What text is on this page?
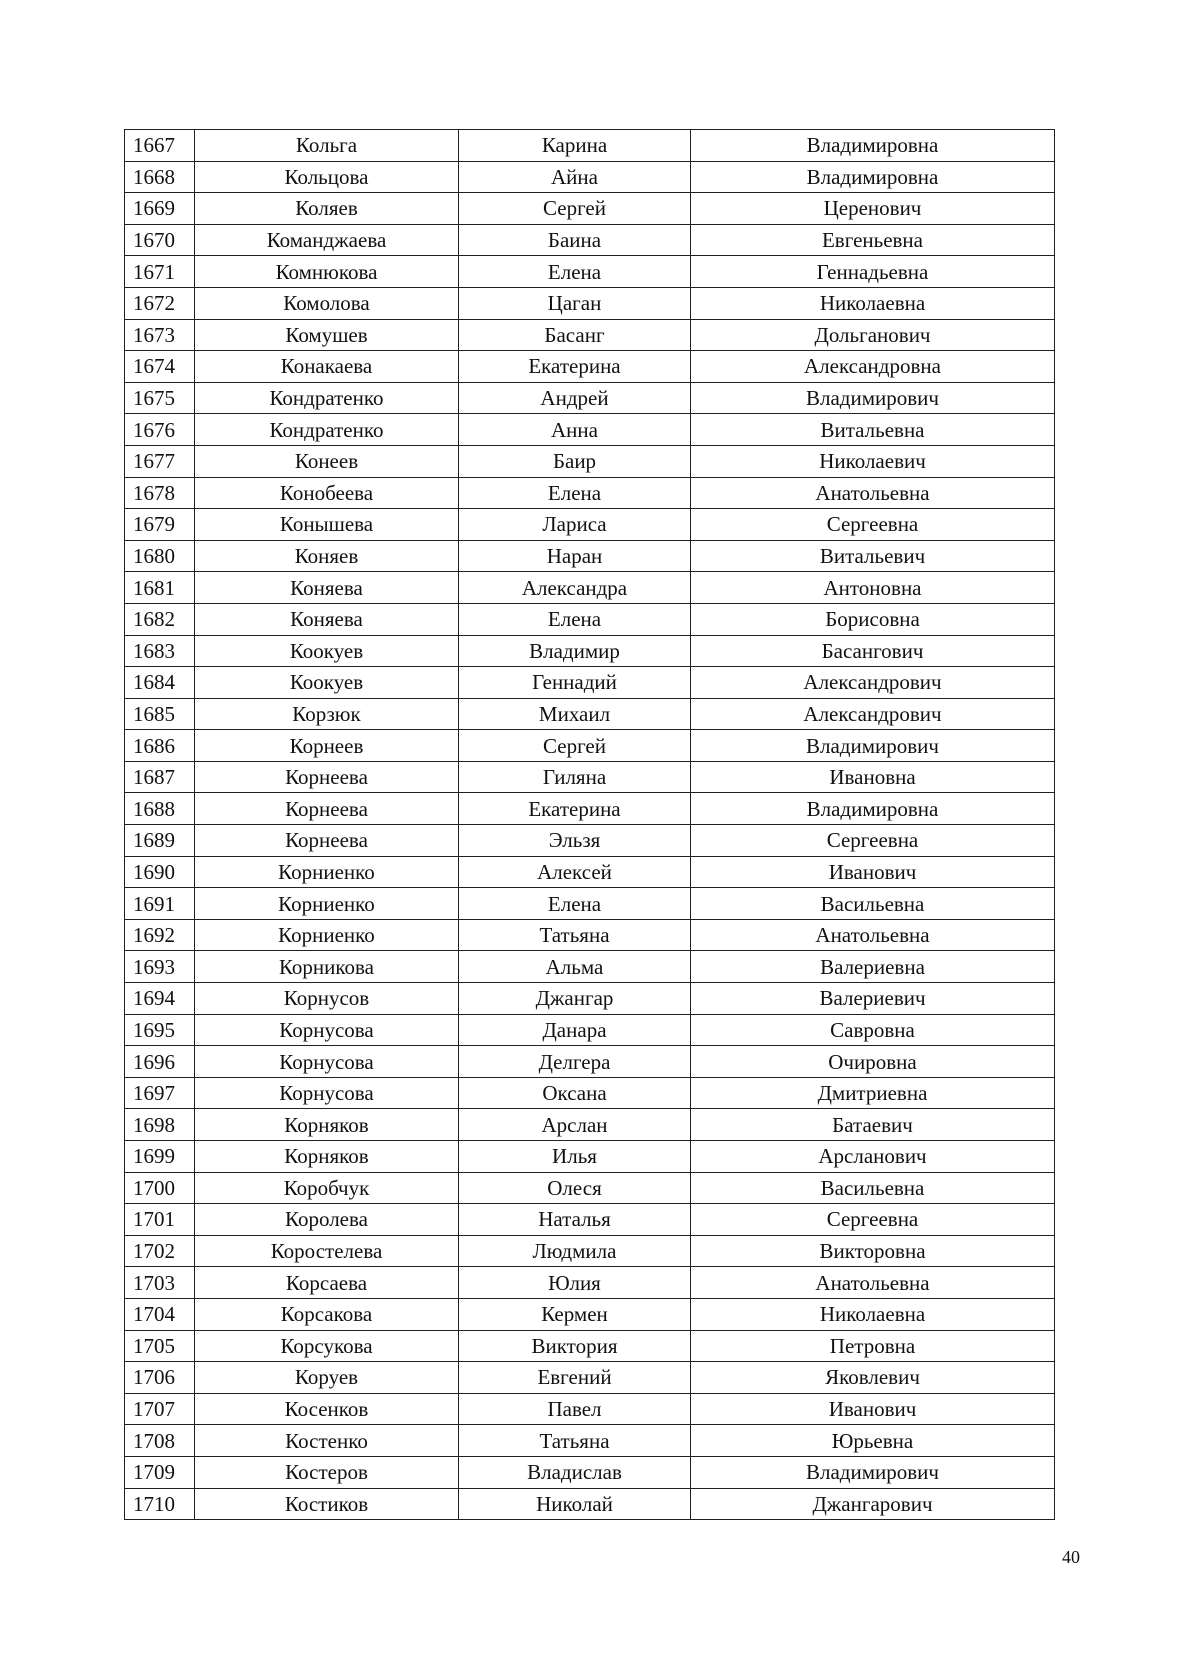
1667	Кольга	Карина	Владимировна
1668	Кольцова	Айна	Владимировна
1669	Коляев	Сергей	Церенович
1670	Команджаева	Баина	Евгеньевна
1671	Комнюкова	Елена	Геннадьевна
1672	Комолова	Цаган	Николаевна
1673	Комушев	Басанг	Дольганович
1674	Конакаева	Екатерина	Александровна
1675	Кондратенко	Андрей	Владимирович
1676	Кондратенко	Анна	Витальевна
1677	Конеев	Баир	Николаевич
1678	Конобеева	Елена	Анатольевна
1679	Конышева	Лариса	Сергеевна
1680	Коняев	Наран	Витальевич
1681	Коняева	Александра	Антоновна
1682	Коняева	Елена	Борисовна
1683	Коокуев	Владимир	Басангович
1684	Коокуев	Геннадий	Александрович
1685	Корзюк	Михаил	Александрович
1686	Корнеев	Сергей	Владимирович
1687	Корнеева	Гиляна	Ивановна
1688	Корнеева	Екатерина	Владимировна
1689	Корнеева	Эльзя	Сергеевна
1690	Корниенко	Алексей	Иванович
1691	Корниенко	Елена	Васильевна
1692	Корниенко	Татьяна	Анатольевна
1693	Корникова	Альма	Валериевна
1694	Корнусов	Джангар	Валериевич
1695	Корнусова	Данара	Савровна
1696	Корнусова	Делгера	Очировна
1697	Корнусова	Оксана	Дмитриевна
1698	Корняков	Арслан	Батаевич
1699	Корняков	Илья	Арсланович
1700	Коробчук	Олеся	Васильевна
1701	Королева	Наталья	Сергеевна
1702	Коростелева	Людмила	Викторовна
1703	Корсаева	Юлия	Анатольевна
1704	Корсакова	Кермен	Николаевна
1705	Корсукова	Виктория	Петровна
1706	Коруев	Евгений	Яковлевич
1707	Косенков	Павел	Иванович
1708	Костенко	Татьяна	Юрьевна
1709	Костеров	Владислав	Владимирович
1710	Костиков	Николай	Джангарович
40
